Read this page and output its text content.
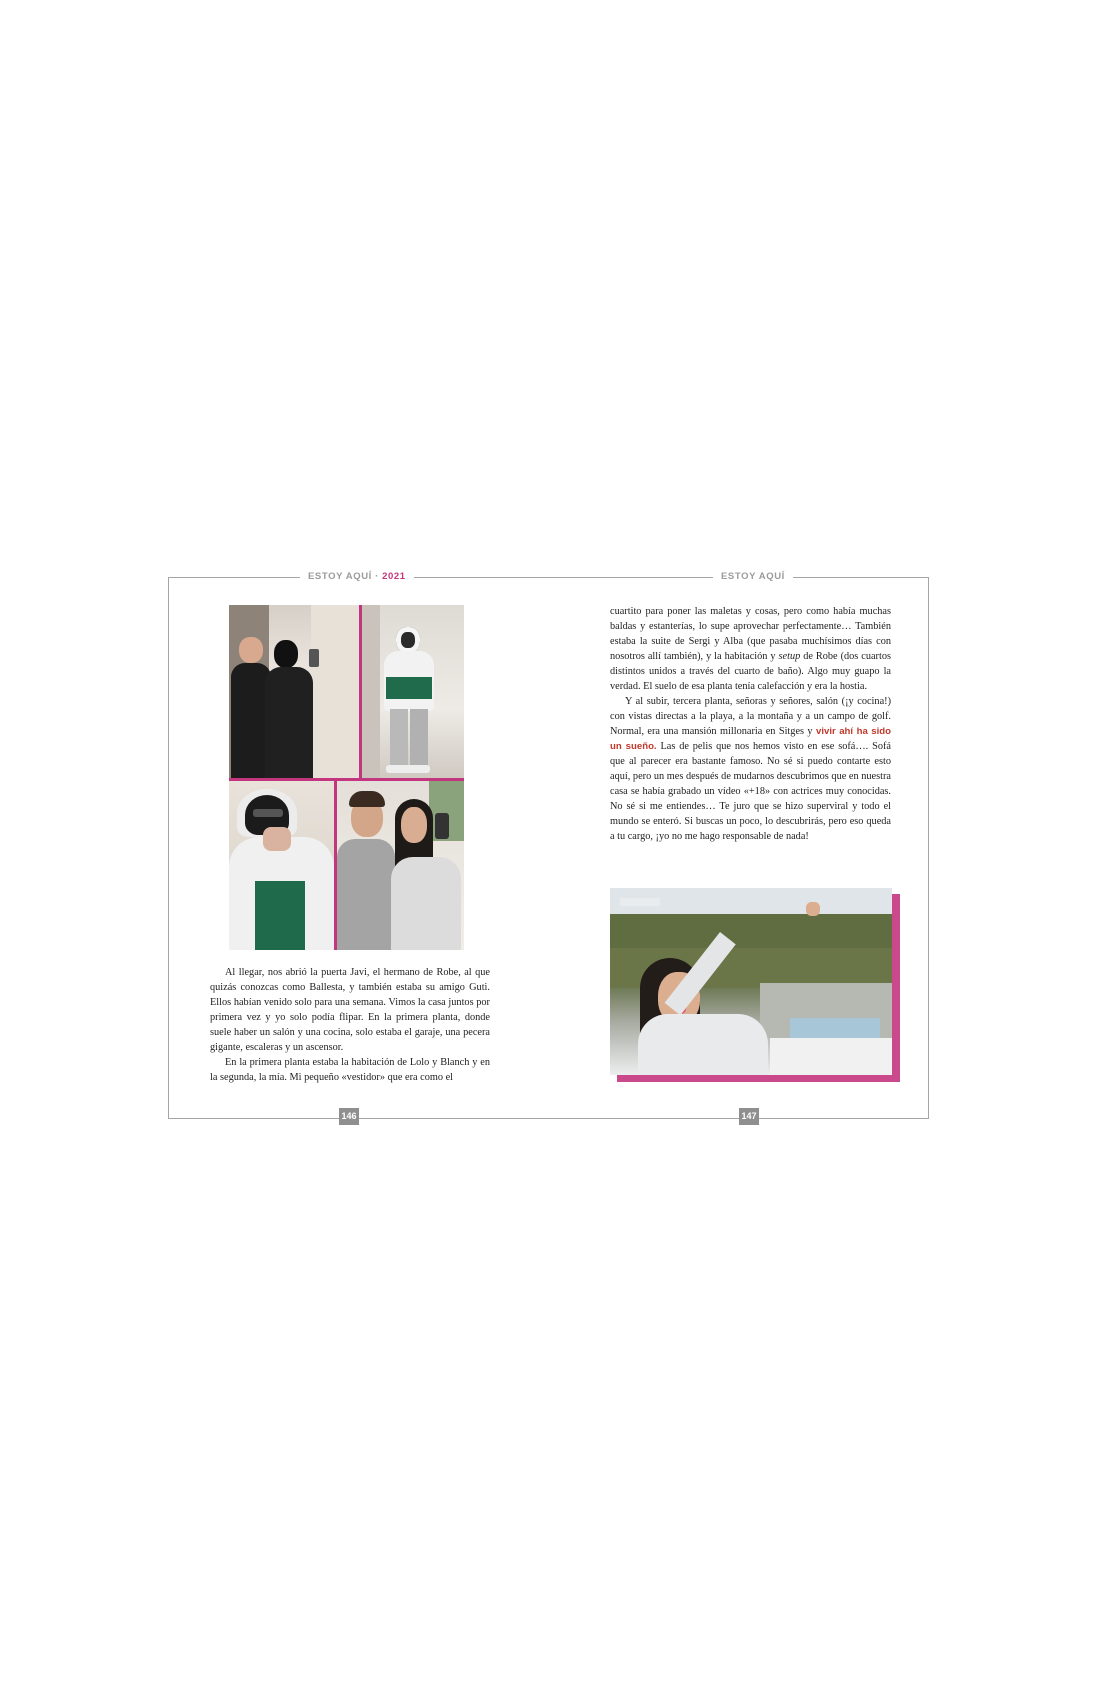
ESTOY AQUÍ · 2021	ESTOY AQUÍ

Al llegar, nos abrió la puerta Javi, el hermano de Robe, al que quizás conozcas como Ballesta, y también estaba su amigo Guti. Ellos habían venido solo para una semana. Vimos la casa juntos por primera vez y yo solo podía flipar. En la primera planta, donde suele haber un salón y una cocina, solo estaba el garaje, una pecera gigante, escaleras y un ascensor.

En la primera planta estaba la habitación de Lolo y Blanch y en la segunda, la mía. Mi pequeño «vestidor» que era como el

cuartito para poner las maletas y cosas, pero como había muchas baldas y estanterías, lo supe aprovechar perfectamente… También estaba la suite de Sergi y Alba (que pasaba muchísimos días con nosotros allí también), y la habitación y setup de Robe (dos cuartos distintos unidos a través del cuarto de baño). Algo muy guapo la verdad. El suelo de esa planta tenía calefacción y era la hostia.

Y al subir, tercera planta, señoras y señores, salón (¡y cocina!) con vistas directas a la playa, a la montaña y a un campo de golf. Normal, era una mansión millonaria en Sitges y vivir ahí ha sido un sueño. Las de pelis que nos hemos visto en ese sofá…. Sofá que al parecer era bastante famoso. No sé si puedo contarte esto aquí, pero un mes después de mudarnos descubrimos que en nuestra casa se había grabado un vídeo «+18» con actrices muy conocidas. No sé si me entiendes… Te juro que se hizo superviral y todo el mundo se enteró. Si buscas un poco, lo descubrirás, pero eso queda a tu cargo, ¡yo no me hago responsable de nada!

146	147
